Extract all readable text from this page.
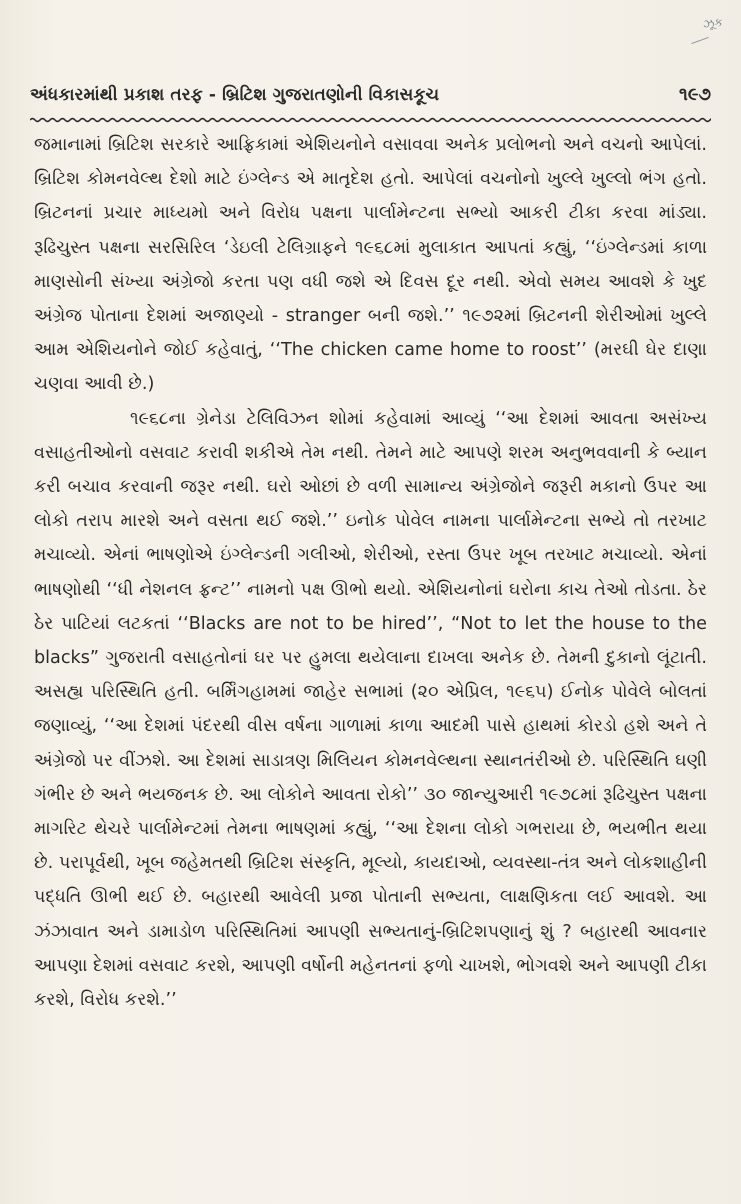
ઝૂક
અંધકારમાંથી પ્રકાશ તરફ - બ્રિટિશ ગુજરાતણોની વિકાસકૂચ	૧૯૭

જમાનામાં બ્રિટિશ સરકારે આફ્રિકામાં એશિયનોને વસાવવા અનેક પ્રલોભનો અને વચનો આપેલાં. બ્રિટિશ કોમનવેલ્થ દેશો માટે ઇંગ્લેન્ડ એ માતૃદેશ હતો. આપેલાં વચનોનો ખુલ્લે ખુલ્લો ભંગ હતો. બ્રિટનનાં પ્રચાર માધ્યમો અને વિરોધ પક્ષના પાર્લામેન્ટના સભ્યો આકરી ટીકા કરવા માંડ્યા. રૂઢિચુસ્ત પક્ષના સરસિરિલ ‘ડેઇલી ટેલિગ્રાફને ૧૯૬૮માં મુલાકાત આપતાં કહ્યું, ‘‘ઇંગ્લેન્ડમાં કાળા માણસોની સંખ્યા અંગ્રેજો કરતા પણ વધી જશે એ દિવસ દૂર નથી. એવો સમય આવશે કે ખુદ અંગ્રેજ પોતાના દેશમાં અજાણ્યો - stranger બની જશે.’’ ૧૯૭૨માં બ્રિટનની શેરીઓમાં ખુલ્લે આમ એશિયનોને જોઈ કહેવાતું, ‘‘The chicken came home to roost’’ (મરઘી ઘેર દાણા ચણવા આવી છે.)

૧૯૬૮ના ગ્રેનેડા ટેલિવિઝન શોમાં કહેવામાં આવ્યું ‘‘આ દેશમાં આવતા અસંખ્ય વસાહતીઓનો વસવાટ કરાવી શકીએ તેમ નથી. તેમને માટે આપણે શરમ અનુભવવાની કે બ્યાન કરી બચાવ કરવાની જરૂર નથી. ઘરો ઓછાં છે વળી સામાન્ય અંગ્રેજોને જરૂરી મકાનો ઉપર આ લોકો તરાપ મારશે અને વસતા થઈ જશે.’’ ઇનોક પોવેલ નામના પાર્લામેન્ટના સભ્યે તો તરખાટ મચાવ્યો. એનાં ભાષણોએ ઇંગ્લેન્ડની ગલીઓ, શેરીઓ, રસ્તા ઉપર ખૂબ તરખાટ મચાવ્યો. એનાં ભાષણોથી ‘‘ધી નેશનલ ફ્રન્ટ’’ નામનો પક્ષ ઊભો થયો. એશિયનોનાં ઘરોના કાચ તેઓ તોડતા. ઠેર ઠેર પાટિયાં લટકતાં ‘‘Blacks are not to be hired’’, “Not to let the house to the blacks” ગુજરાતી વસાહતોનાં ઘર પર હુમલા થયેલાના દાખલા અનેક છે. તેમની દુકાનો લૂંટાતી. અસહ્ય પરિસ્થિતિ હતી. બર્મિંગહામમાં જાહેર સભામાં (૨૦ એપ્રિલ, ૧૯૬૫) ઈનોક પોવેલે બોલતાં જણાવ્યું, ‘‘આ દેશમાં પંદરથી વીસ વર્ષના ગાળામાં કાળા આદમી પાસે હાથમાં કોરડો હશે અને તે અંગ્રેજો પર વીંઝશે. આ દેશમાં સાડાત્રણ મિલિયન કોમનવેલ્થના સ્થાનતંરીઓ છે. પરિસ્થિતિ ઘણી ગંભીર છે અને ભયજનક છે. આ લોકોને આવતા રોકો’’ ૩૦ જાન્યુઆરી ૧૯૭૮માં રૂઢિચુસ્ત પક્ષના માગરિટ થેચરે પાર્લામેન્ટમાં તેમના ભાષણમાં કહ્યું, ‘‘આ દેશના લોકો ગભરાયા છે, ભયભીત થયા છે. પરાપૂર્વથી, ખૂબ જહેમતથી બ્રિટિશ સંસ્કૃતિ, મૂલ્યો, કાયદાઓ, વ્યવસ્થા-તંત્ર અને લોકશાહીની પદ્ધતિ ઊભી થઈ છે. બહારથી આવેલી પ્રજા પોતાની સભ્યતા, લાક્ષણિકતા લઈ આવશે. આ ઝંઝાવાત અને ડામાડોળ પરિસ્થિતિમાં આપણી સભ્યતાનું-બ્રિટિશપણાનું શું ? બહારથી આવનાર આપણા દેશમાં વસવાટ કરશે, આપણી વર્ષોની મહેનતનાં ફળો ચાખશે, ભોગવશે અને આપણી ટીકા કરશે, વિરોધ કરશે.’’
